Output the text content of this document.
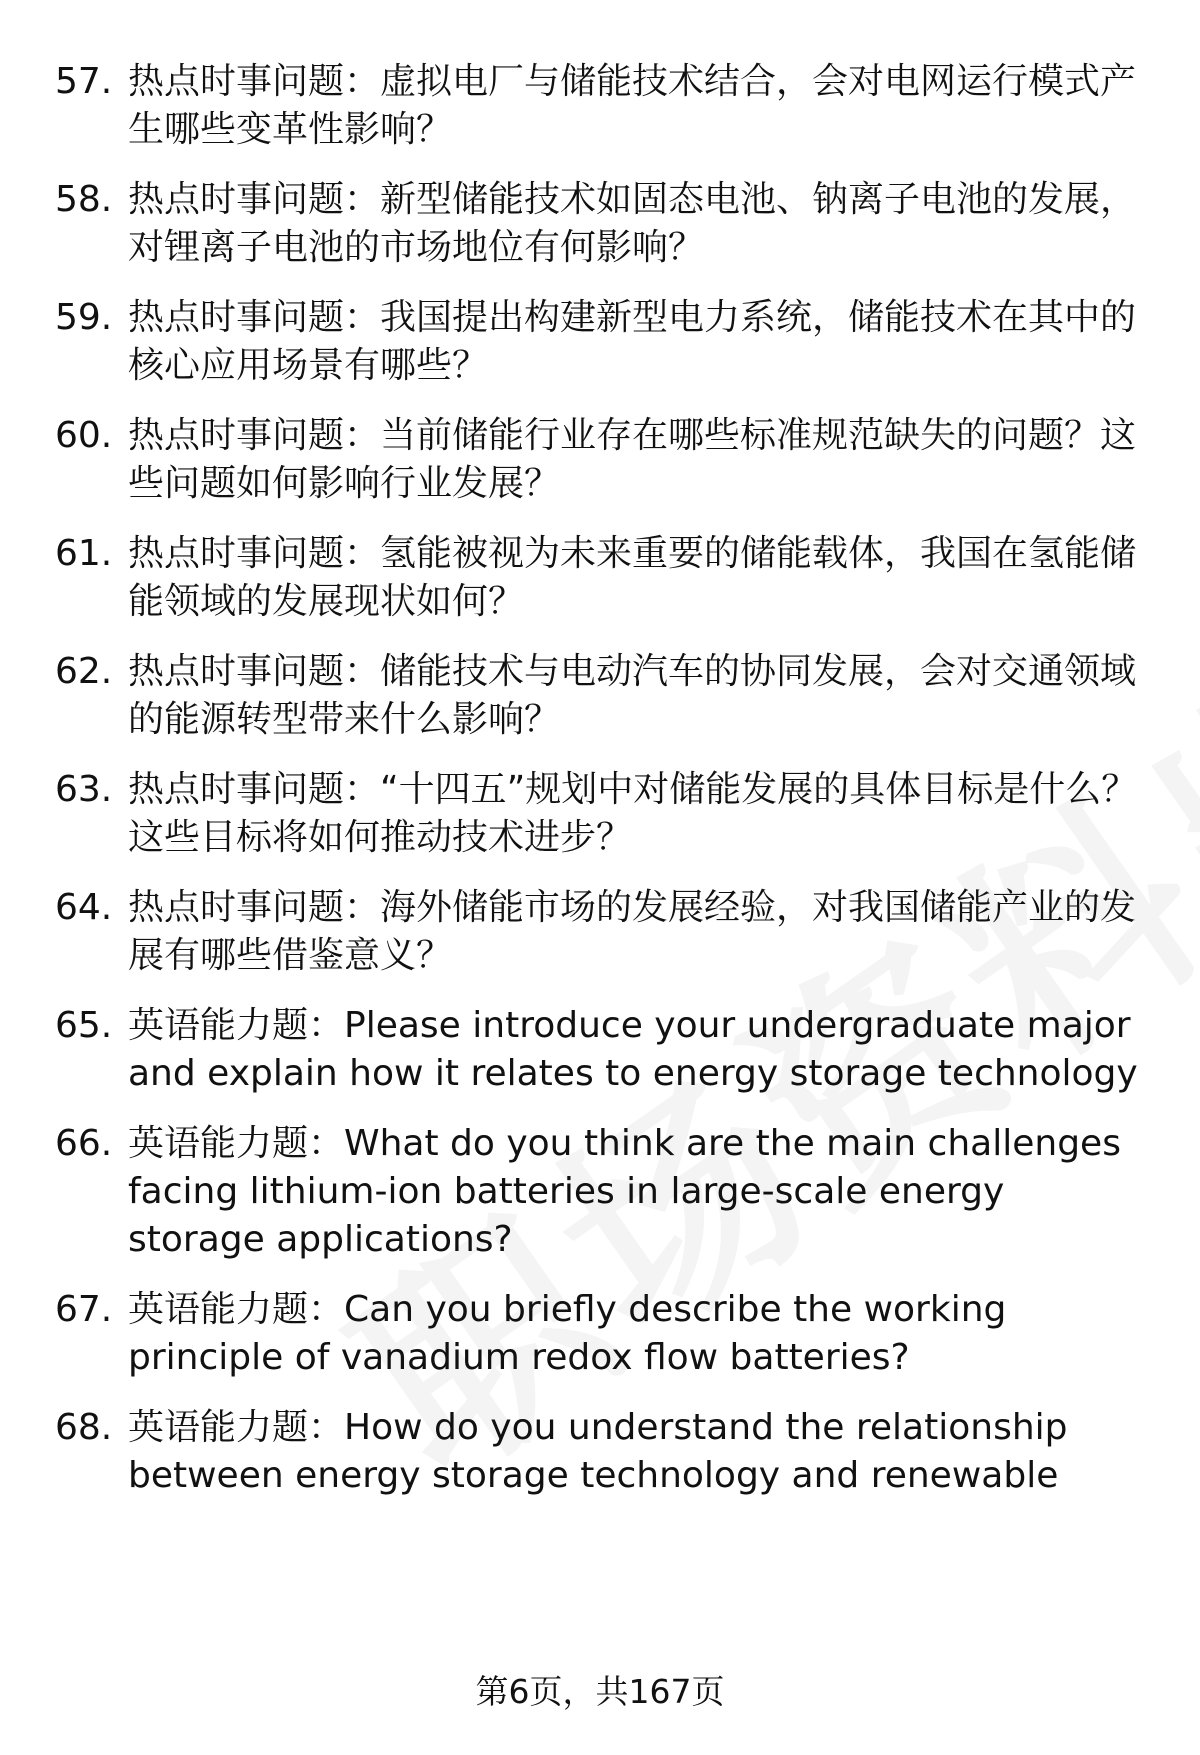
57. 热点时事问题：虚拟电厂与储能技术结合，会对电网运行模式产生哪些变革性影响？
58. 热点时事问题：新型储能技术如固态电池、钠离子电池的发展，对锂离子电池的市场地位有何影响？
59. 热点时事问题：我国提出构建新型电力系统，储能技术在其中的核心应用场景有哪些？
60. 热点时事问题：当前储能行业存在哪些标准规范缺失的问题？这些问题如何影响行业发展？
61. 热点时事问题：氢能被视为未来重要的储能载体，我国在氢能储能领域的发展现状如何？
62. 热点时事问题：储能技术与电动汽车的协同发展，会对交通领域的能源转型带来什么影响？
63. 热点时事问题：“十四五”规划中对储能发展的具体目标是什么？这些目标将如何推动技术进步？
64. 热点时事问题：海外储能市场的发展经验，对我国储能产业的发展有哪些借鉴意义？
65. 英语能力题：Please introduce your undergraduate major and explain how it relates to energy storage technology
66. 英语能力题：What do you think are the main challenges facing lithium-ion batteries in large-scale energy storage applications?
67. 英语能力题：Can you briefly describe the working principle of vanadium redox flow batteries?
68. 英语能力题：How do you understand the relationship between energy storage technology and renewable
第6页，共167页
